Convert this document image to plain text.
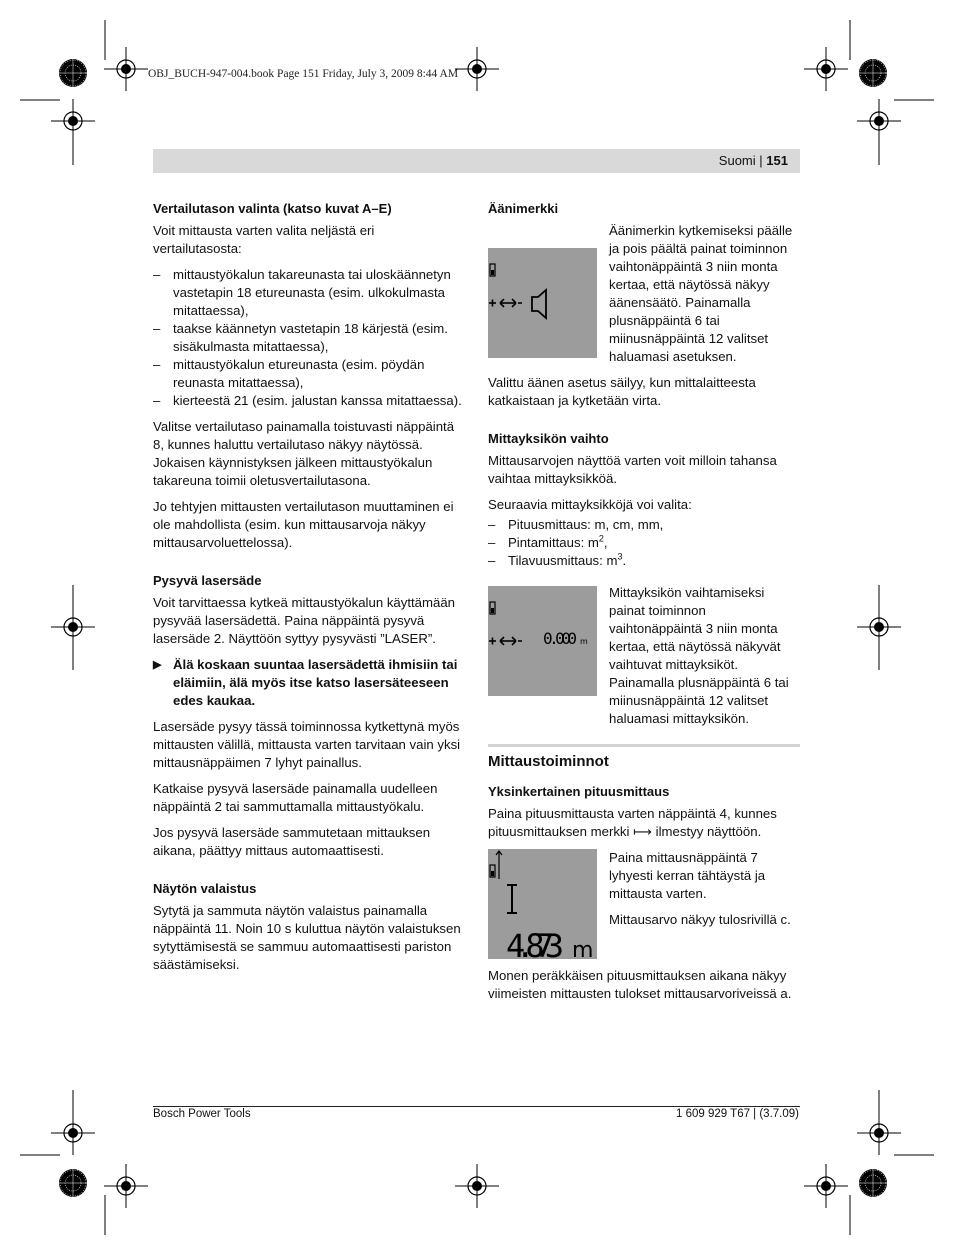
OBJ_BUCH-947-004.book Page 151 Friday, July 3, 2009 8:44 AM
Suomi | 151
Vertailutason valinta (katso kuvat A–E)

Voit mittausta varten valita neljästä eri vertailutasosta:

– mittaustyökalun takareunasta tai uloskäännetyn vastetapin 18 etureunasta (esim. ulkokulmasta mitattaessa),
– taakse käännetyn vastetapin 18 kärjestä (esim. sisäkulmasta mitattaessa),
– mittaustyökalun etureunasta (esim. pöydän reunasta mitattaessa),
– kierteestä 21 (esim. jalustan kanssa mitattaessa).

Valitse vertailutaso painamalla toistuvasti näppäintä 8, kunnes haluttu vertailutaso näkyy näytössä. Jokaisen käynnistyksen jälkeen mittaustyökalun takareuna toimii oletusvertailutasona.

Jo tehtyjen mittausten vertailutason muuttaminen ei ole mahdollista (esim. kun mittausarvoja näkyy mittausarvoluettelossa).

Pysyvä lasersäde

Voit tarvittaessa kytkeä mittaustyökalun käyttämään pysyvää lasersädettä. Paina näppäintä pysyvä lasersäde 2. Näyttöön syttyy pysyvästi ”LASER”.

▶ Älä koskaan suuntaa lasersädettä ihmisiin tai eläimiin, älä myös itse katso lasersäteeseen edes kaukaa.

Lasersäde pysyy tässä toiminnossa kytkettynä myös mittausten välillä, mittausta varten tarvitaan vain yksi mittausnäppäimen 7 lyhyt painallus.

Katkaise pysyvä lasersäde painamalla uudelleen näppäintä 2 tai sammuttamalla mittaustyökalu.

Jos pysyvä lasersäde sammutetaan mittauksen aikana, päättyy mittaus automaattisesti.

Näytön valaistus

Sytytä ja sammuta näytön valaistus painamalla näppäintä 11. Noin 10 s kuluttua näytön valaistuksen sytyttämisestä se sammuu automaattisesti pariston säästämiseksi.

Äänimerkki
Äänimerkin kytkemiseksi päälle ja pois päältä painat toiminnon vaihtonäppäintä 3 niin monta kertaa, että näytössä näkyy äänensäätö. Painamalla plusnäppäintä 6 tai miinusnäppäintä 12 valitset haluamasi asetuksen.

Valittu äänen asetus säilyy, kun mittalaitteesta katkaistaan ja kytketään virta.

Mittayksikön vaihto

Mittausarvojen näyttöä varten voit milloin tahansa vaihtaa mittayksikköä.

Seuraavia mittayksikköjä voi valita:

– Pituusmittaus: m, cm, mm,
– Pintamittaus: $m^2$,
– Tilavuusmittaus: $m^3$.
0.000 m
Mittayksikön vaihtamiseksi painat toiminnon vaihtonäppäintä 3 niin monta kertaa, että näytössä näkyvät vaihtuvat mittayksiköt. Painamalla plusnäppäintä 6 tai miinusnäppäintä 12 valitset haluamasi mittayksikön.
Mittaustoiminnot
Yksinkertainen pituusmittaus

Paina pituusmittausta varten näppäintä 4, kunnes pituusmittauksen merkki ⟼ ilmestyy näyttöön.

4.873 m

Paina mittausnäppäintä 7 lyhyesti kerran tähtäystä ja mittausta varten.

Mittausarvo näkyy tulosrivillä c.

Monen peräkkäisen pituusmittauksen aikana näkyy viimeisten mittausten tulokset mittausarvoriveissä a.

Bosch Power Tools	1 609 929 T67 | (3.7.09)
